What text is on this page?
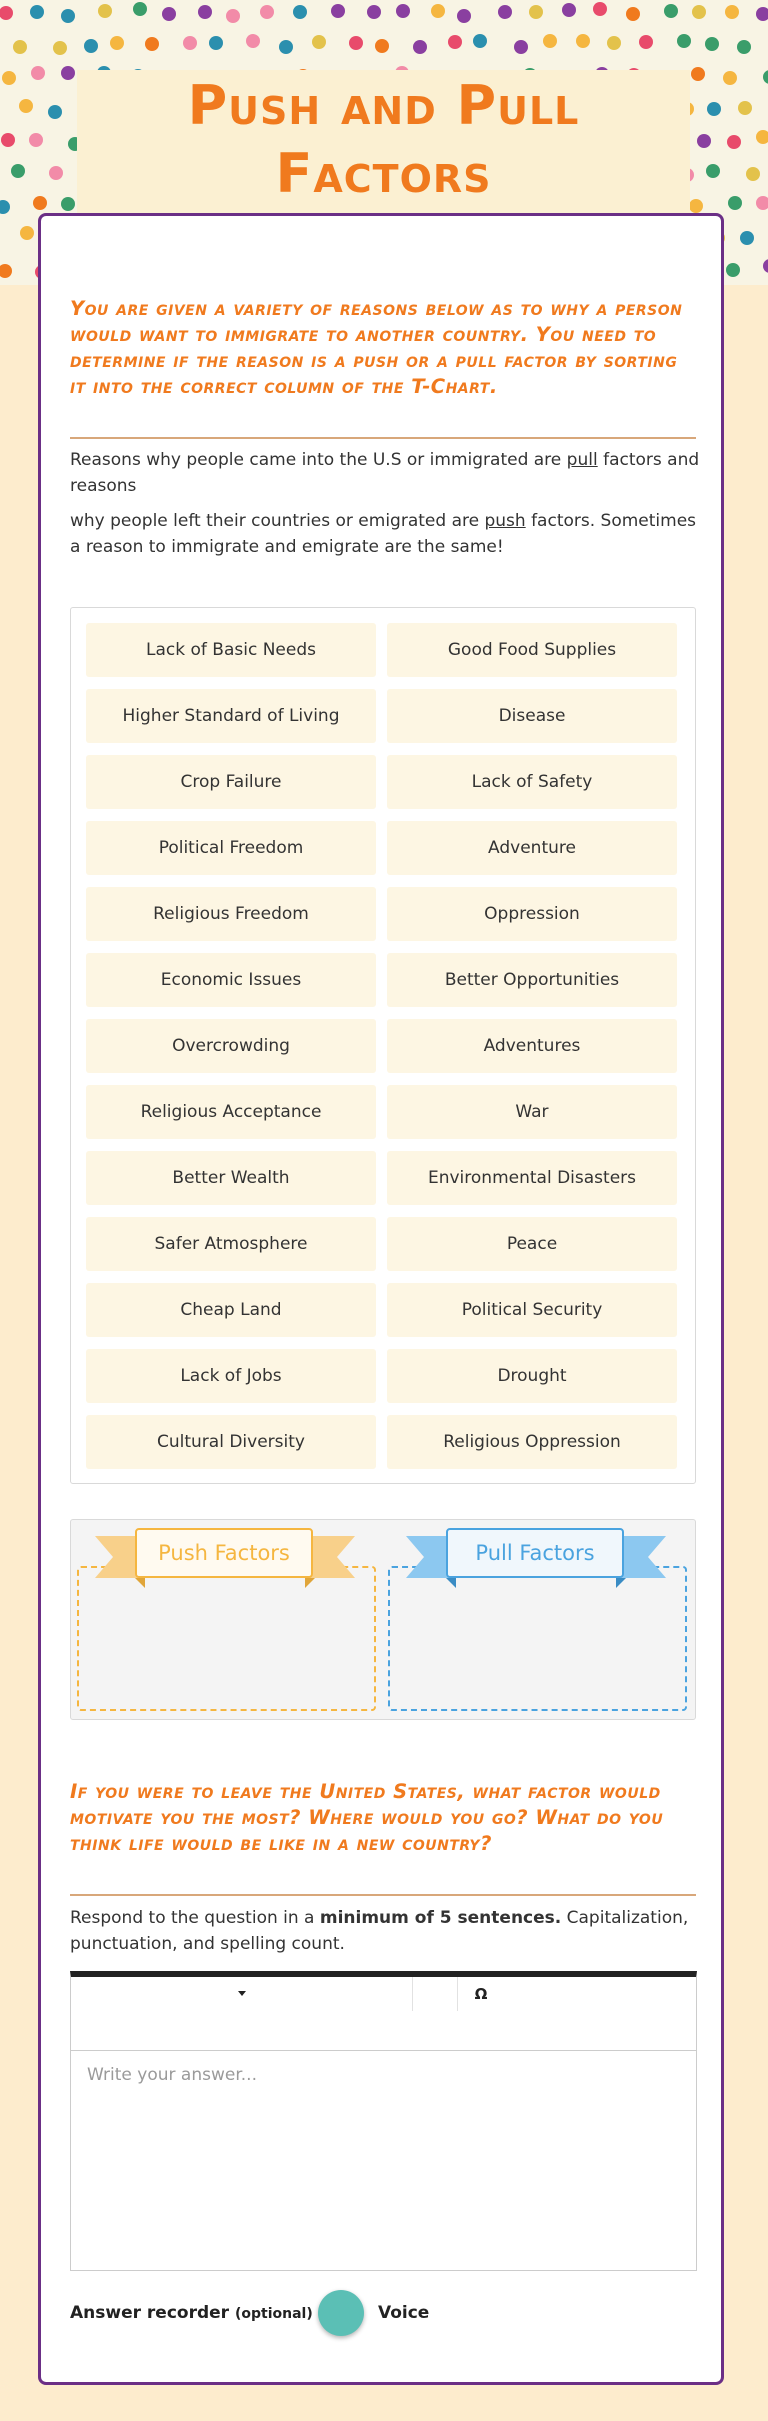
Push and Pull Factors
You are given a variety of reasons below as to why a person would want to immigrate to another country. You need to determine if the reason is a push or a pull factor by sorting it into the correct column of the T-Chart.
Reasons why people came into the U.S or immigrated are pull factors and reasons
why people left their countries or emigrated are push factors. Sometimes a reason to immigrate and emigrate are the same!
Lack of Basic Needs	Good Food Supplies
Higher Standard of Living	Disease
Crop Failure	Lack of Safety
Political Freedom	Adventure
Religious Freedom	Oppression
Economic Issues	Better Opportunities
Overcrowding	Adventures
Religious Acceptance	War
Better Wealth	Environmental Disasters
Safer Atmosphere	Peace
Cheap Land	Political Security
Lack of Jobs	Drought
Cultural Diversity	Religious Oppression
Push Factors	Pull Factors
If you were to leave the United States, what factor would motivate you the most? Where would you go? What do you think life would be like in a new country?
Respond to the question in a minimum of 5 sentences. Capitalization, punctuation, and spelling count.
Ω
Write your answer...
Answer recorder (optional)	Voice
